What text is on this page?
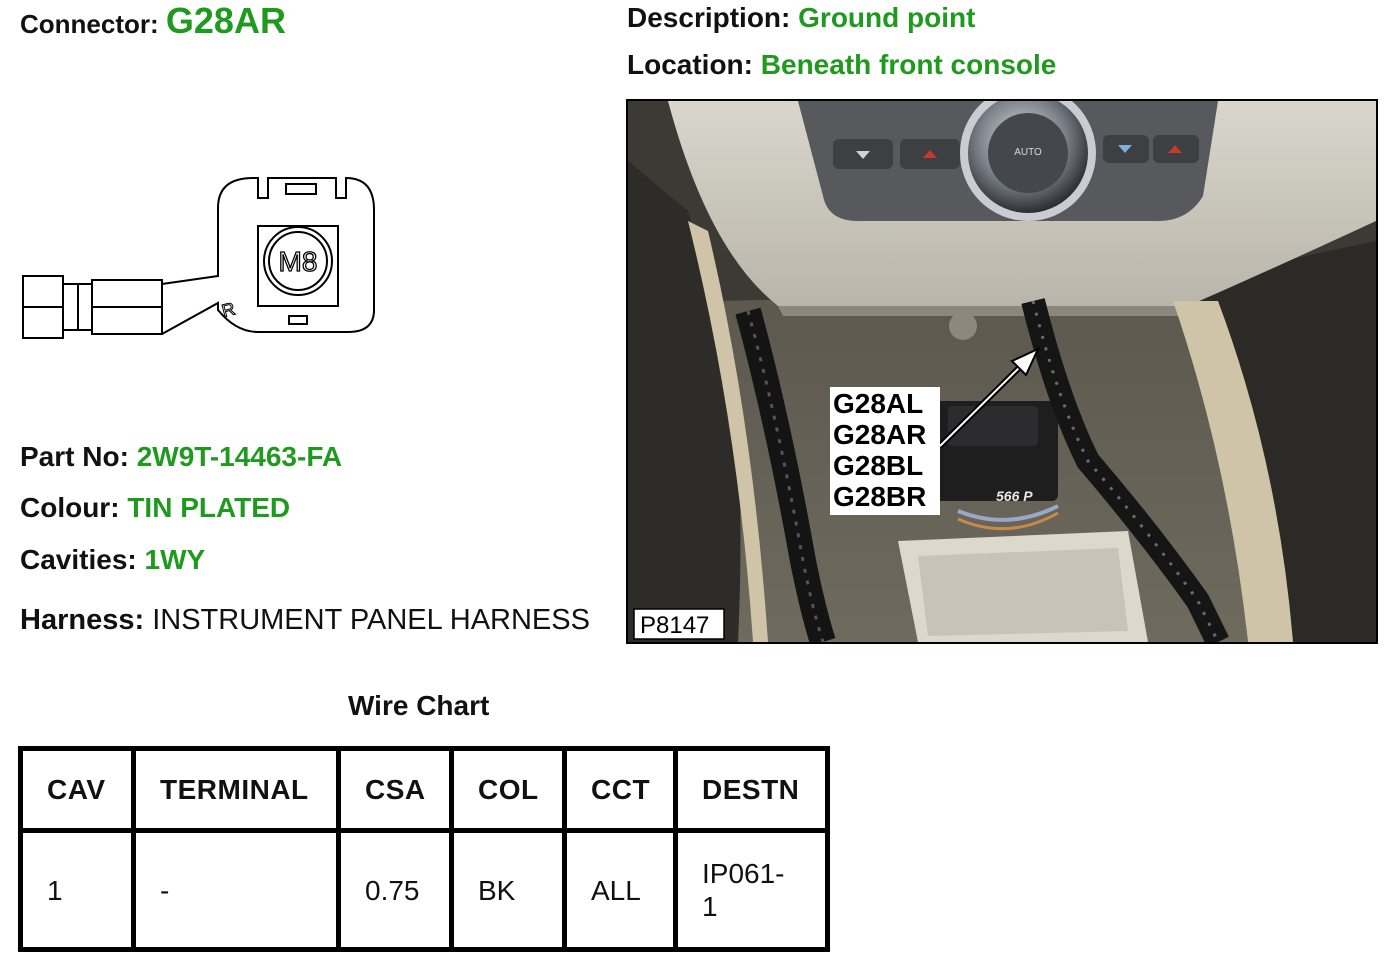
Connector: G28AR	Description: Ground point
Location: Beneath front console
M8
R
Part No: 2W9T-14463-FA
Colour: TIN PLATED
Cavities: 1WY
Harness: INSTRUMENT PANEL HARNESS
AUTO
566 P
G28AL
G28AR
G28BL
G28BR
P8147
Wire Chart
CAV	TERMINAL	CSA	COL	CCT	DESTN
1	-	0.75	BK	ALL	IP061-1
